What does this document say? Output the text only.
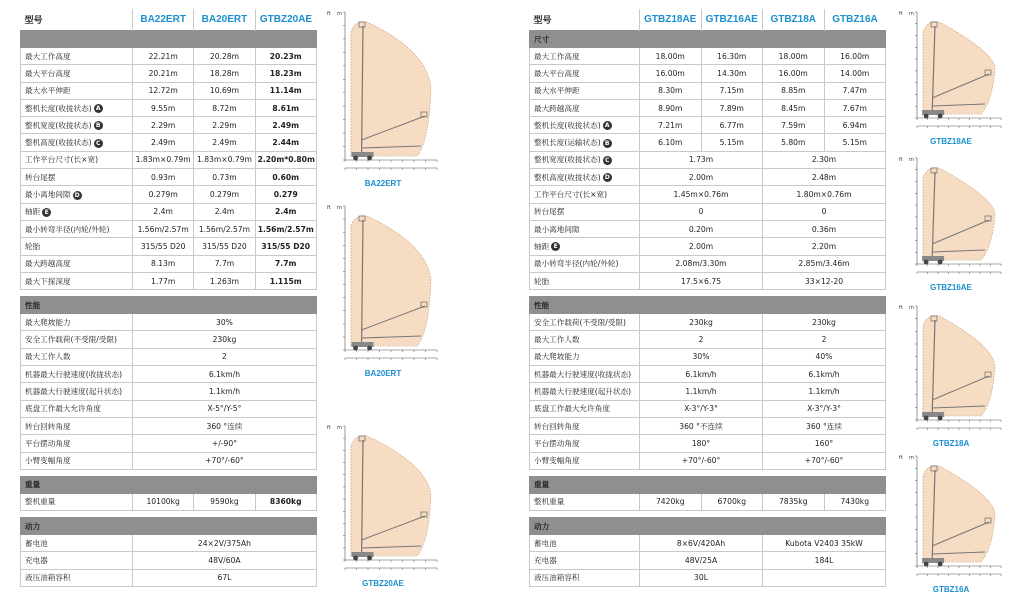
型号	BA22ERT	BA20ERT	GTBZ20AE

最大工作高度	22.21m	20.28m	20.23m
最大平台高度	20.21m	18.28m	18.23m
最大水平伸距	12.72m	10.69m	11.14m
整机长度(收拢状态) A	9.55m	8.72m	8.61m
整机宽度(收拢状态) B	2.29m	2.29m	2.49m
整机高度(收拢状态) C	2.49m	2.49m	2.44m
工作平台尺寸(长×宽)	1.83m×0.79m	1.83m×0.79m	2.20m*0.80m
转台尾摆	0.93m	0.73m	0.60m
最小离地间隙 D	0.279m	0.279m	0.279
轴距 E	2.4m	2.4m	2.4m
最小转弯半径(内轮/外轮)	1.56m/2.57m	1.56m/2.57m	1.56m/2.57m
轮胎	315/55 D20	315/55 D20	315/55 D20
最大跨越高度	8.13m	7.7m	7.7m
最大下探深度	1.77m	1.263m	1.115m

性能			
最大爬坡能力	30%		
安全工作载荷(不受限/受限)	230kg		
最大工作人数	2		
机器最大行驶速度(收拢状态)	6.1km/h		
机器最大行驶速度(起升状态)	1.1km/h		
底盘工作最大允许角度	X-5°/Y-5°		
转台回转角度	360 °连续		
平台摆动角度	+/-90°		
小臂变幅角度	+70°/-60°		

重量			
整机重量	10100kg	9590kg	8360kg

动力			
蓄电池	24×2V/375Ah		
充电器	48V/60A		
液压油箱容积	67L		
型号	GTBZ18AE	GTBZ16AE	GTBZ18A	GTBZ16A
尺寸				
最大工作高度	18.00m	16.30m	18.00m	16.00m
最大平台高度	16.00m	14.30m	16.00m	14.00m
最大水平伸距	8.30m	7.15m	8.85m	7.47m
最大跨越高度	8.90m	7.89m	8.45m	7.67m
整机长度(收拢状态) A	7.21m	6.77m	7.59m	6.94m
整机长度(运输状态) B	6.10m	5.15m	5.80m	5.15m
整机宽度(收拢状态) C	1.73m		2.30m	
整机高度(收拢状态) D	2.00m		2.48m	
工作平台尺寸(长×宽)	1.45m×0.76m		1.80m×0.76m	
转台尾摆	0		0	
最小离地间隙	0.20m		0.36m	
轴距 E	2.00m		2.20m	
最小转弯半径(内轮/外轮)	2.08m/3.30m		2.85m/3.46m	
轮胎	17.5×6.75		33×12-20	

性能				
安全工作载荷(不受限/受限)	230kg		230kg	
最大工作人数	2		2	
最大爬坡能力	30%		40%	
机器最大行驶速度(收拢状态)	6.1km/h		6.1km/h	
机器最大行驶速度(起升状态)	1.1km/h		1.1km/h	
底盘工作最大允许角度	X-3°/Y-3°		X-3°/Y-3°	
转台回转角度	360 °不连续		360 °连续	
平台摆动角度	180°		160°	
小臂变幅角度	+70°/-60°		+70°/-60°	

重量				
整机重量	7420kg	6700kg	7835kg	7430kg

动力				
蓄电池	8×6V/420Ah		Kubota V2403 35kW	
充电器	48V/25A		184L	
液压油箱容积	30L			
m
ft
BA22ERT
m
ft
BA20ERT
m
ft
GTBZ20AE
m
ft
GTBZ18AE
m
ft
GTBZ16AE
m
ft
GTBZ18A
m
ft
GTBZ16A
